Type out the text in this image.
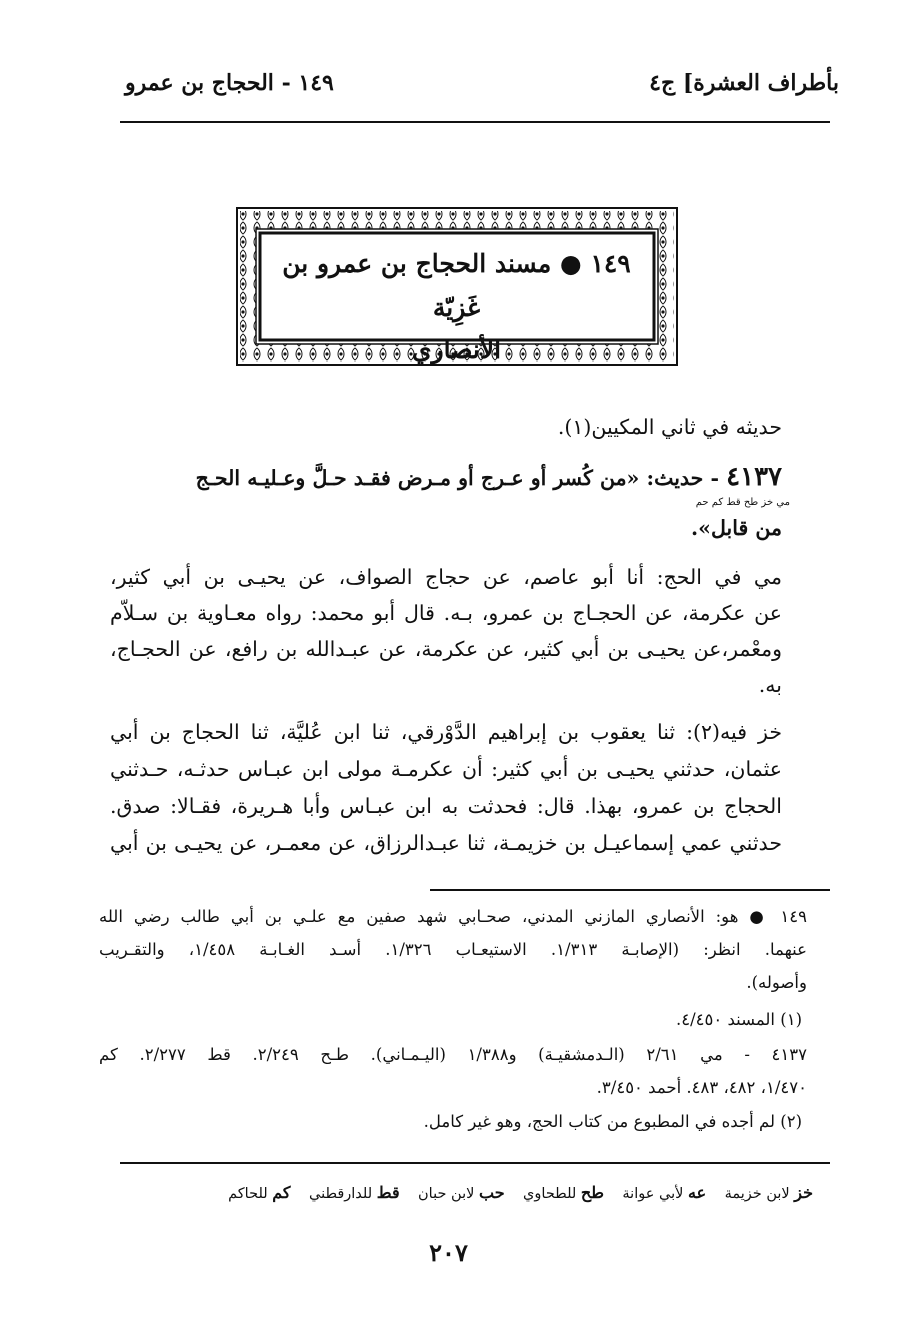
بأطراف العشرة] ج٤
١٤٩ - الحجاج بن عمرو
١٤٩ ● مسند الحجاج بن عمرو بن غَزِيّة
الأنصاري
حديثه في ثاني المكيين(١).
٤١٣٧ - حديث: «من كُسر أو عـرج أو مـرض فقـد حـلَّ وعـليـه الحـج
مي خز طح قط كم حم
من قابل».
مي في الحج: أنا أبو عاصم، عن حجاج الصواف، عن يحيـى بن أبي كثير،
عن عكرمة، عن الحجـاج بن عمرو، بـه. قال أبو محمد: رواه معـاوية بن سـلاّم
ومعْمر،عن يحيـى بن أبي كثير، عن عكرمة، عن عبـدالله بن رافع، عن الحجـاج،
به.
خز فيه(٢): ثنا يعقوب بن إبراهيم الدَّوْرقي، ثنا ابن عُليَّة، ثنا الحجاج بن أبي
عثمان، حدثني يحيـى بن أبي كثير: أن عكرمـة مولى ابن عبـاس حدثـه، حـدثني
الحجاج بن عمرو، بهذا. قال: فحدثت به ابن عبـاس وأبا هـريرة، فقـالا: صدق.
حدثني عمي إسماعيـل بن خزيمـة، ثنا عبـدالرزاق، عن معمـر، عن يحيـى بن أبي
١٤٩ ● هو: الأنصاري المازني المدني، صحـابي شهد صفين مع علـي بن أبي طالب رضي الله
عنهما. انظر: (الإصابـة ١/٣١٣. الاستيعـاب ١/٣٢٦. أسـد الغـابـة ١/٤٥٨، والتقـريب
وأصوله).
(١) المسند ٤/٤٥٠.
٤١٣٧ - مي ٢/٦١ (الـدمشقيـة) و١/٣٨٨ (اليـمـاني). طـح ٢/٢٤٩. قط ٢/٢٧٧. كم
١/٤٧٠، ٤٨٢، ٤٨٣. أحمد ٣/٤٥٠.
(٢) لم أجده في المطبوع من كتاب الحج، وهو غير كامل.
خز لابن خزيمة    عه لأبي عوانة    طح للطحاوي    حب لابن حبان    قط للدارقطني    كم للحاكم
٢٠٧
